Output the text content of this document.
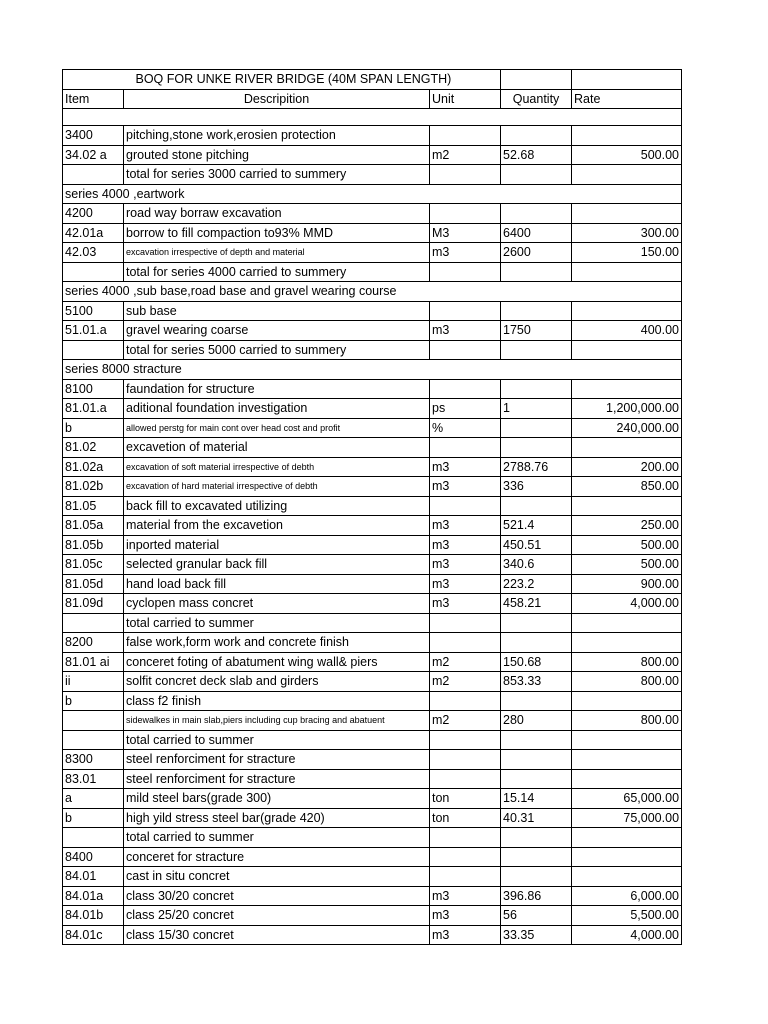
	BOQ FOR UNKE RIVER BRIDGE (40M SPAN LENGTH)			
Item	Descripition	Unit	Quantity	Rate

3400	pitching,stone work,erosien protection			
34.02 a	grouted stone pitching	m2	52.68	500.00
	total for series 3000 carried to summery			
series 4000 ,eartwork				
4200	road way borraw excavation			
42.01a	borrow to fill compaction to93% MMD	M3	6400	300.00
42.03	excavation irrespective of depth and material	m3	2600	150.00
	total for series 4000 carried to summery			
series 4000 ,sub base,road base and gravel wearing course				
5100	sub base			
51.01.a	gravel wearing coarse	m3	1750	400.00
	total for series 5000 carried to summery			
series 8000 stracture				
8100	faundation for structure			
81.01.a	aditional foundation investigation	ps	1	1,200,000.00
b	allowed perstg for main cont over head cost and profit	%		240,000.00
81.02	excavetion of material			
81.02a	excavation of soft material irrespective of debth	m3	2788.76	200.00
81.02b	excavation of hard material irrespective of debth	m3	336	850.00
81.05	back fill to excavated utilizing			
81.05a	material from the excavetion	m3	521.4	250.00
81.05b	inported material	m3	450.51	500.00
81.05c	selected granular back fill	m3	340.6	500.00
81.05d	hand load back fill	m3	223.2	900.00
81.09d	cyclopen mass concret	m3	458.21	4,000.00
	total carried to summer			
8200	false work,form work and concrete finish			
81.01 ai	conceret foting of abatument wing wall& piers	m2	150.68	800.00
ii	solfit concret deck slab and girders	m2	853.33	800.00
b	class f2 finish			
	sidewalkes in main slab,piers including cup bracing and abatuent	m2	280	800.00
	total carried to summer			
8300	steel renforciment for stracture			
83.01	steel renforciment for stracture			
a	mild steel bars(grade 300)	ton	15.14	65,000.00
b	high yild stress steel bar(grade 420)	ton	40.31	75,000.00
	total carried to summer			
8400	conceret for stracture			
84.01	cast in situ concret			
84.01a	class 30/20 concret	m3	396.86	6,000.00
84.01b	class 25/20 concret	m3	56	5,500.00
84.01c	class 15/30 concret	m3	33.35	4,000.00
